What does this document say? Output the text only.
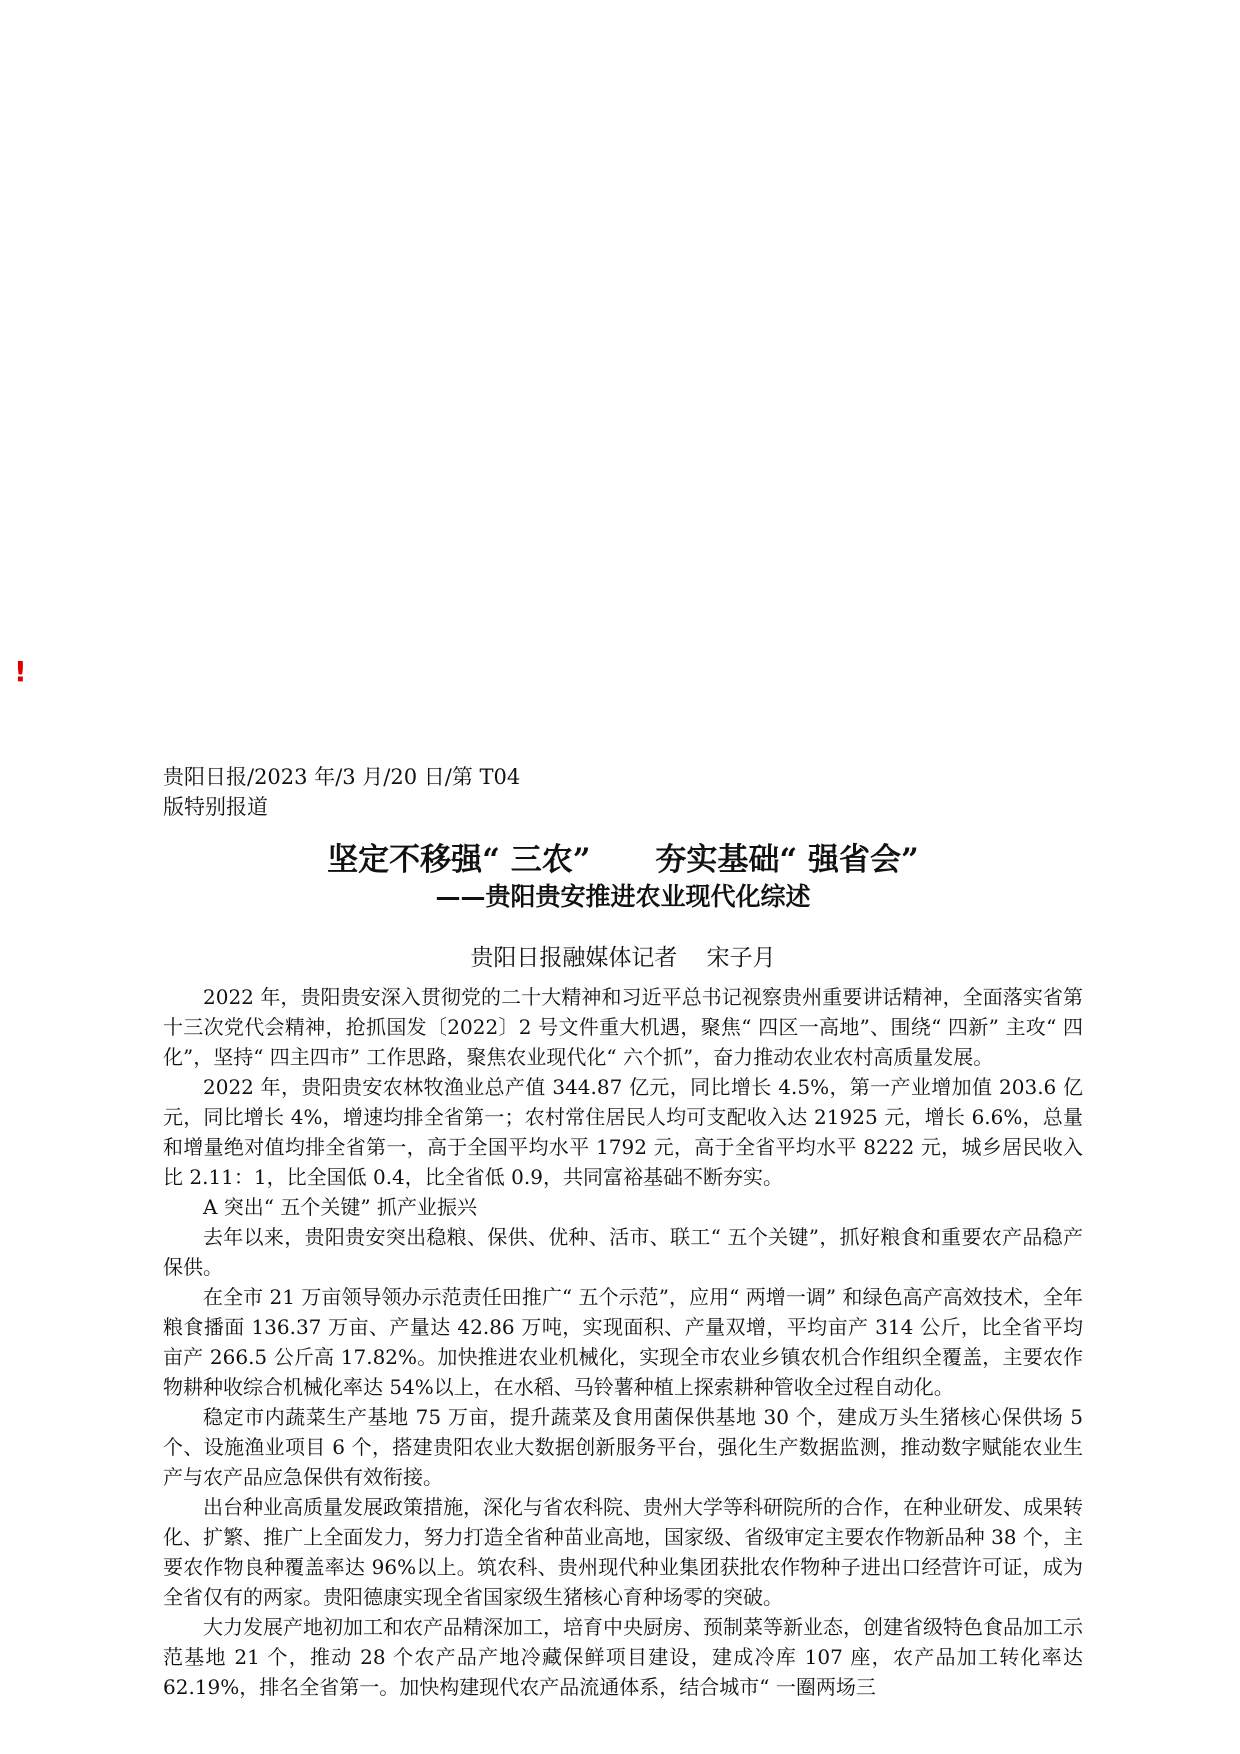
!

贵阳日报/2023 年/3 月/20 日/第 T04

版特别报道

坚定不移强“ 三农”      夯实基础“ 强省会”
——贵阳贵安推进农业现代化综述

贵阳日报融媒体记者    宋子月

2022 年，贵阳贵安深入贯彻党的二十大精神和习近平总书记视察贵州重要讲话精神，全面落实省第十三次党代会精神，抢抓国发〔2022〕2 号文件重大机遇，聚焦“ 四区一高地”、围绕“ 四新” 主攻“ 四化”，坚持“ 四主四市” 工作思路，聚焦农业现代化“ 六个抓”，奋力推动农业农村高质量发展。

2022 年，贵阳贵安农林牧渔业总产值 344.87 亿元，同比增长 4.5%，第一产业增加值 203.6 亿元，同比增长 4%，增速均排全省第一；农村常住居民人均可支配收入达 21925 元，增长 6.6%，总量和增量绝对值均排全省第一，高于全国平均水平 1792 元，高于全省平均水平 8222 元，城乡居民收入比 2.11：1，比全国低 0.4，比全省低 0.9，共同富裕基础不断夯实。

A 突出“ 五个关键” 抓产业振兴

去年以来，贵阳贵安突出稳粮、保供、优种、活市、联工“ 五个关键”，抓好粮食和重要农产品稳产保供。

在全市 21 万亩领导领办示范责任田推广“ 五个示范”，应用“ 两增一调” 和绿色高产高效技术，全年粮食播面 136.37 万亩、产量达 42.86 万吨，实现面积、产量双增，平均亩产 314 公斤，比全省平均亩产 266.5 公斤高 17.82%。加快推进农业机械化，实现全市农业乡镇农机合作组织全覆盖，主要农作物耕种收综合机械化率达 54%以上，在水稻、马铃薯种植上探索耕种管收全过程自动化。

稳定市内蔬菜生产基地 75 万亩，提升蔬菜及食用菌保供基地 30 个，建成万头生猪核心保供场 5 个、设施渔业项目 6 个，搭建贵阳农业大数据创新服务平台，强化生产数据监测，推动数字赋能农业生产与农产品应急保供有效衔接。

出台种业高质量发展政策措施，深化与省农科院、贵州大学等科研院所的合作，在种业研发、成果转化、扩繁、推广上全面发力，努力打造全省种苗业高地，国家级、省级审定主要农作物新品种 38 个，主要农作物良种覆盖率达 96%以上。筑农科、贵州现代种业集团获批农作物种子进出口经营许可证，成为全省仅有的两家。贵阳德康实现全省国家级生猪核心育种场零的突破。

大力发展产地初加工和农产品精深加工，培育中央厨房、预制菜等新业态，创建省级特色食品加工示范基地 21 个，推动 28 个农产品产地冷藏保鲜项目建设，建成冷库 107 座，农产品加工转化率达 62.19%，排名全省第一。加快构建现代农产品流通体系，结合城市“ 一圈两场三
